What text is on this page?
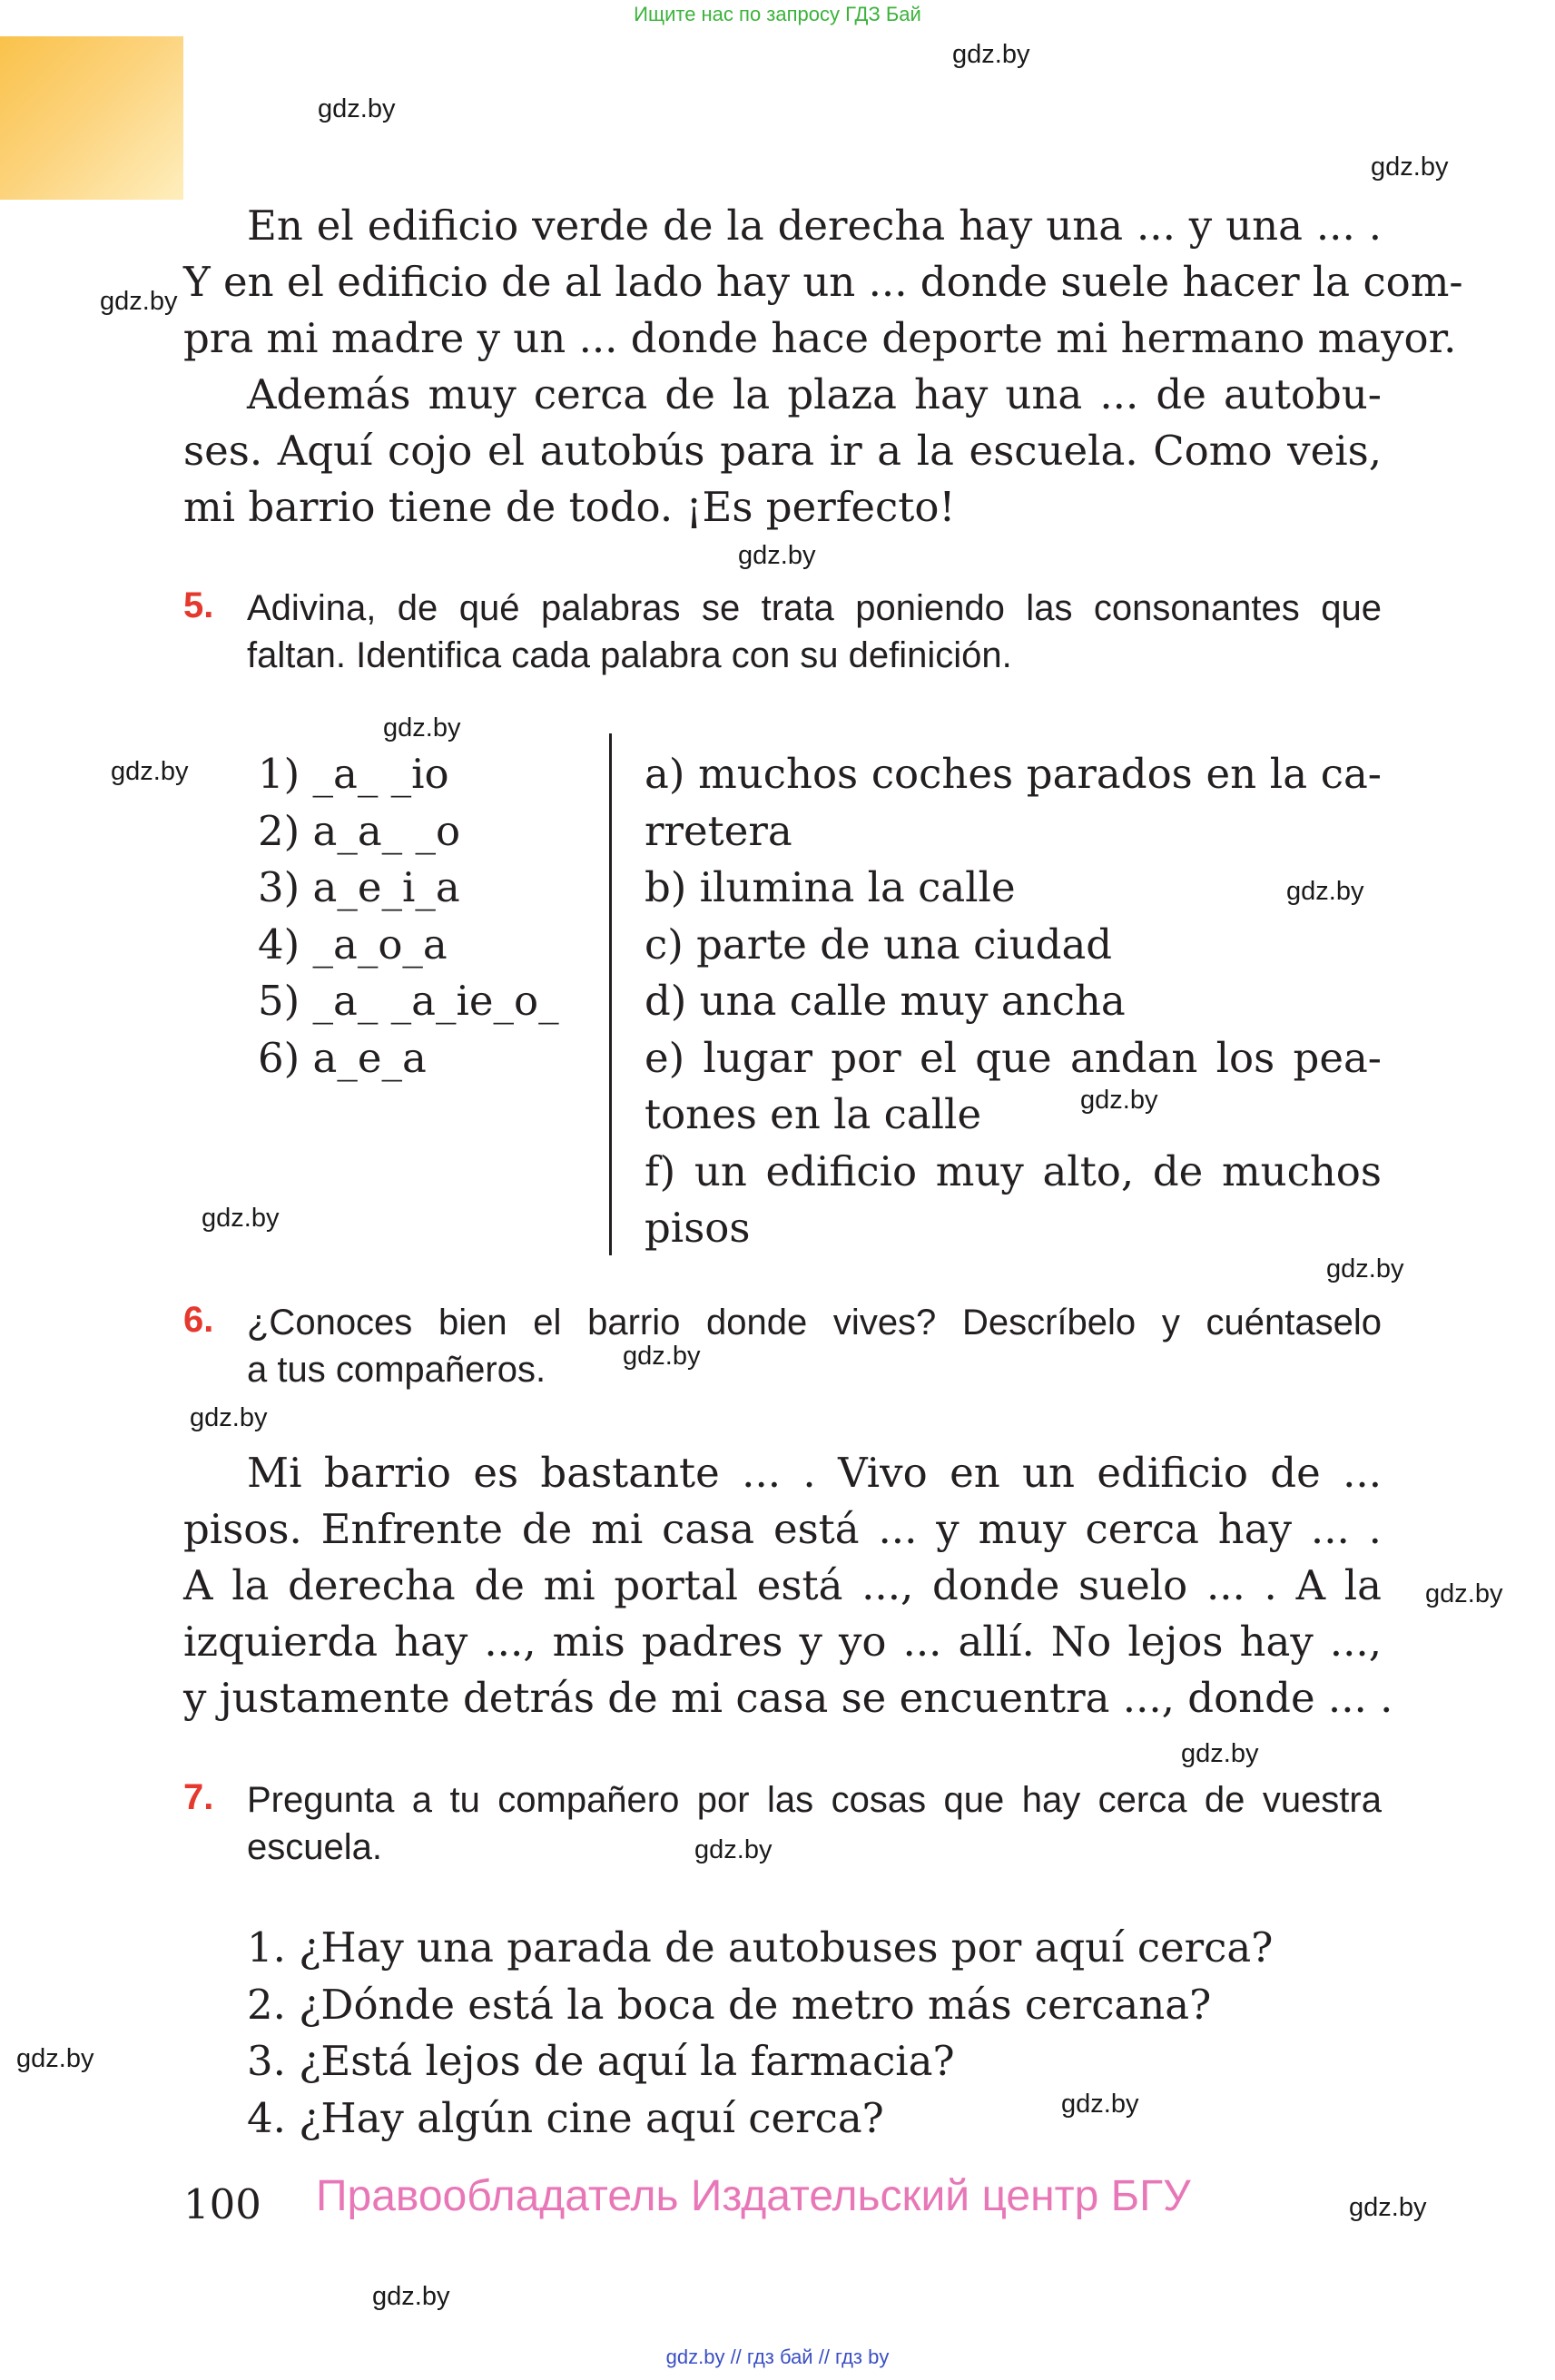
Ищите нас по запросу ГДЗ Бай
gdz.by
gdz.by
gdz.by
gdz.by
gdz.by
gdz.by
gdz.by
gdz.by
gdz.by
gdz.by
gdz.by
gdz.by
gdz.by
gdz.by
gdz.by
gdz.by
gdz.by
gdz.by
gdz.by
gdz.by
En el edificio verde de la derecha hay una ... y una ... .
Y en el edificio de al lado hay un ... donde suele hacer la com-
pra mi madre y un ... donde hace deporte mi hermano mayor.
Además muy cerca de la plaza hay una ... de autobu-
ses. Aquí cojo el autobús para ir a la escuela. Como veis,
mi barrio tiene de todo. ¡Es perfecto!
5. Adivina, de qué palabras se trata poniendo las consonantes que
faltan. Identifica cada palabra con su definición.
1) _a_ _io
2) a_a_ _o
3) a_e_i_a
4) _a_o_a
5) _a_ _a_ie_o_
6) a_e_a
a) muchos coches parados en la ca-
rretera
b) ilumina la calle
c) parte de una ciudad
d) una calle muy ancha
e) lugar por el que andan los pea-
tones en la calle
f) un edificio muy alto, de muchos
pisos
6. ¿Conoces bien el barrio donde vives? Descríbelo y cuéntaselo
a tus compañeros.
Mi barrio es bastante ... . Vivo en un edificio de ...
pisos. Enfrente de mi casa está ... y muy cerca hay ... .
A la derecha de mi portal está ..., donde suelo ... . A la
izquierda hay ..., mis padres y yo ... allí. No lejos hay ...,
y justamente detrás de mi casa se encuentra ..., donde ... .
7. Pregunta a tu compañero por las cosas que hay cerca de vuestra
escuela.
1. ¿Hay una parada de autobuses por aquí cerca?
2. ¿Dónde está la boca de metro más cercana?
3. ¿Está lejos de aquí la farmacia?
4. ¿Hay algún cine aquí cerca?
100 Правообладатель Издательский центр БГУ
gdz.by // гдз бай // гдз by
